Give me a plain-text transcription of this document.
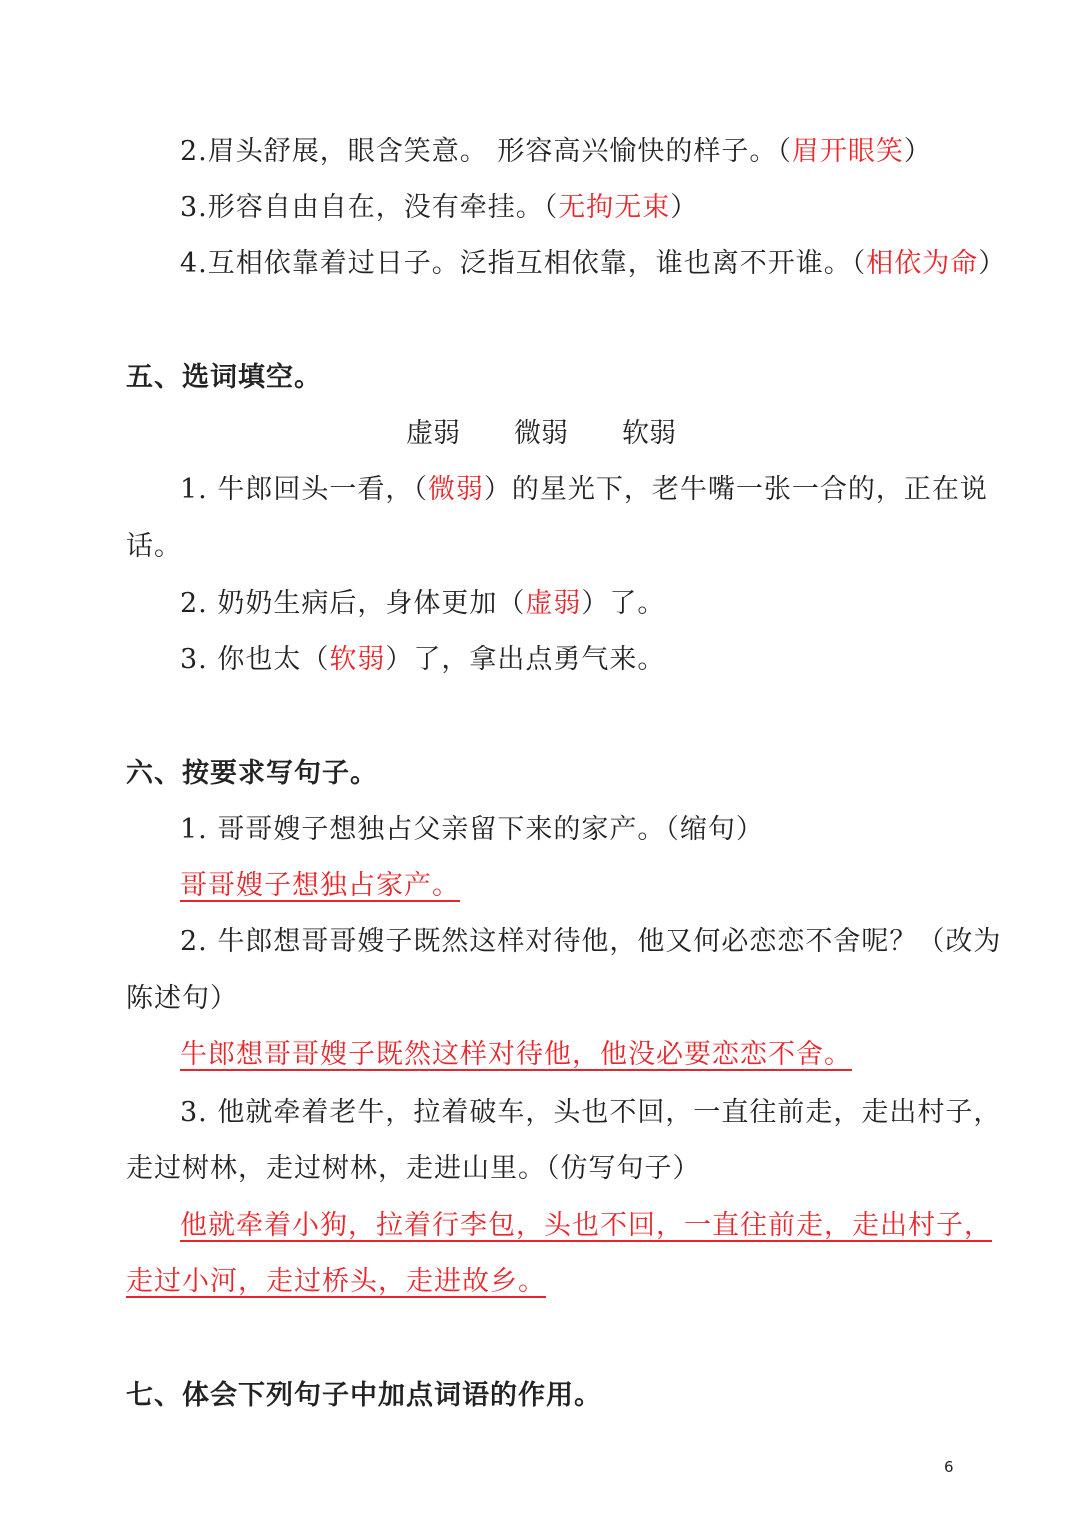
2.眉头舒展，眼含笑意。 形容高兴愉快的样子。（眉开眼笑）
3.形容自由自在，没有牵挂。（无拘无束）
4.互相依靠着过日子。泛指互相依靠，谁也离不开谁。（相依为命）
五、选词填空。
虚弱 微弱 软弱
1. 牛郎回头一看，（微弱）的星光下，老牛嘴一张一合的，正在说
话。
2. 奶奶生病后，身体更加（虚弱）了。
3. 你也太（软弱）了，拿出点勇气来。
六、按要求写句子。
1. 哥哥嫂子想独占父亲留下来的家产。（缩句）
哥哥嫂子想独占家产。
2. 牛郎想哥哥嫂子既然这样对待他，他又何必恋恋不舍呢？（改为
陈述句）
牛郎想哥哥嫂子既然这样对待他，他没必要恋恋不舍。
3. 他就牵着老牛，拉着破车，头也不回，一直往前走，走出村子，
走过树林，走过树林，走进山里。（仿写句子）
他就牵着小狗，拉着行李包，头也不回，一直往前走，走出村子，
走过小河，走过桥头，走进故乡。
七、体会下列句子中加点词语的作用。
6
